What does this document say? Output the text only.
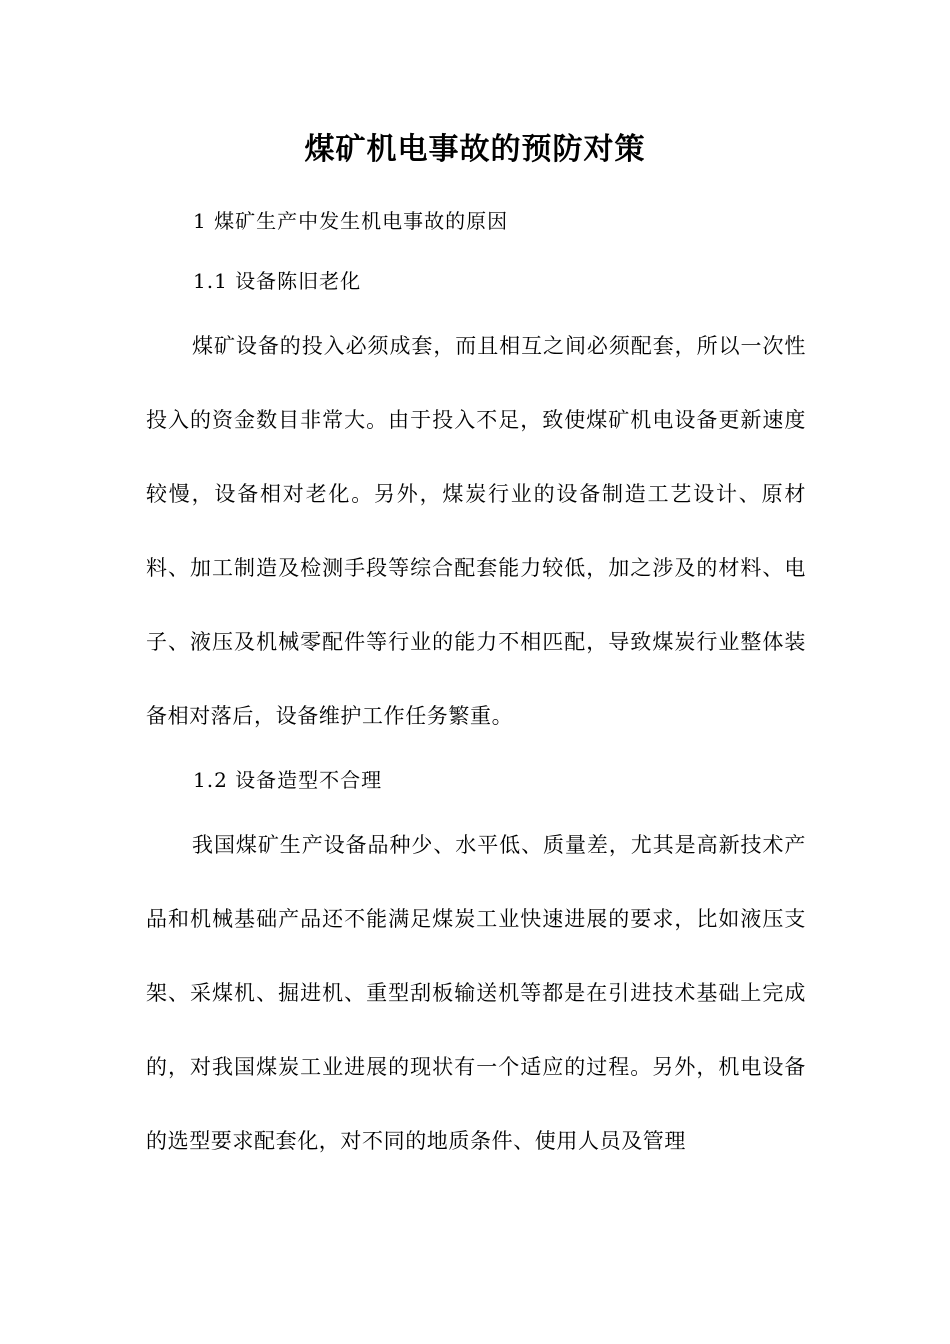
煤矿机电事故的预防对策
1 煤矿生产中发生机电事故的原因
1.1 设备陈旧老化

煤矿设备的投入必须成套，而且相互之间必须配套，所以一次性投入的资金数目非常大。由于投入不足，致使煤矿机电设备更新速度较慢，设备相对老化。另外，煤炭行业的设备制造工艺设计、原材料、加工制造及检测手段等综合配套能力较低，加之涉及的材料、电子、液压及机械零配件等行业的能力不相匹配，导致煤炭行业整体装备相对落后，设备维护工作任务繁重。

1.2 设备造型不合理

我国煤矿生产设备品种少、水平低、质量差，尤其是高新技术产品和机械基础产品还不能满足煤炭工业快速进展的要求，比如液压支架、采煤机、掘进机、重型刮板输送机等都是在引进技术基础上完成的，对我国煤炭工业进展的现状有一个适应的过程。另外，机电设备的选型要求配套化，对不同的地质条件、使用人员及管理
